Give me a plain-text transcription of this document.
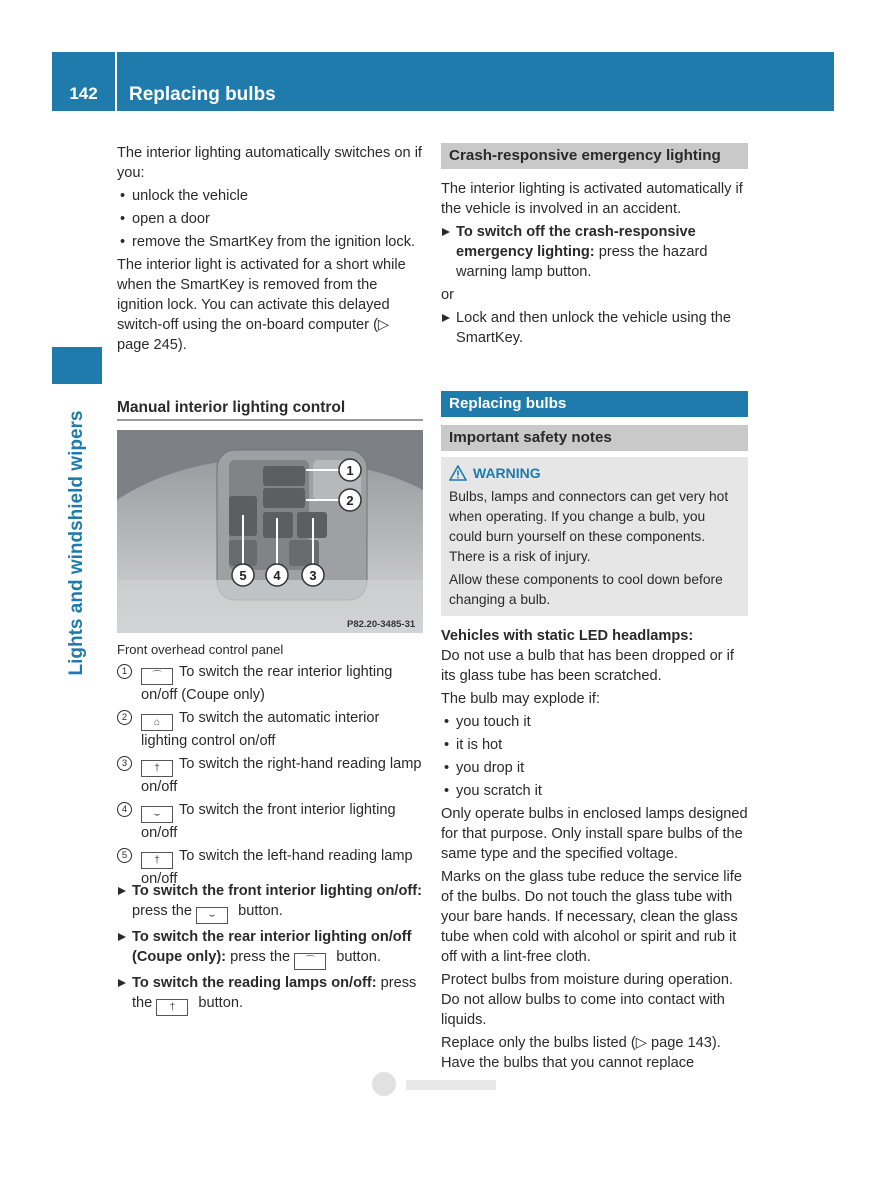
142	Replacing bulbs
Lights and windshield wipers

The interior lighting automatically switches on if you:

• unlock the vehicle

• open a door

• remove the SmartKey from the ignition lock.

The interior light is activated for a short while when the SmartKey is removed from the ignition lock. You can activate this delayed switch-off using the on-board computer (▷ page 245).

Manual interior lighting control
1
2
5 4 3
P82.20-3485-31
Front overhead control panel
1	⌒ To switch the rear interior lighting on/off (Coupe only)
2	⌂ To switch the automatic interior lighting control on/off
3	† To switch the right-hand reading lamp on/off
4	⌣ To switch the front interior lighting on/off
5	† To switch the left-hand reading lamp on/off
To switch the front interior lighting on/off: press the ⌣ button.
To switch the rear interior lighting on/off (Coupe only): press the ⌒ button.
To switch the reading lamps on/off: press the † button.
Crash-responsive emergency lighting

The interior lighting is activated automatically if the vehicle is involved in an accident.

To switch off the crash-responsive emergency lighting: press the hazard warning lamp button.

or

Lock and then unlock the vehicle using the SmartKey.
Replacing bulbs
Important safety notes
WARNING

Bulbs, lamps and connectors can get very hot when operating. If you change a bulb, you could burn yourself on these components. There is a risk of injury.

Allow these components to cool down before changing a bulb.

Vehicles with static LED headlamps:

Do not use a bulb that has been dropped or if its glass tube has been scratched.

The bulb may explode if:

• you touch it

• it is hot

• you drop it

• you scratch it

Only operate bulbs in enclosed lamps designed for that purpose. Only install spare bulbs of the same type and the specified voltage.

Marks on the glass tube reduce the service life of the bulbs. Do not touch the glass tube with your bare hands. If necessary, clean the glass tube when cold with alcohol or spirit and rub it off with a lint-free cloth.

Protect bulbs from moisture during operation. Do not allow bulbs to come into contact with liquids.

Replace only the bulbs listed (▷ page 143). Have the bulbs that you cannot replace
